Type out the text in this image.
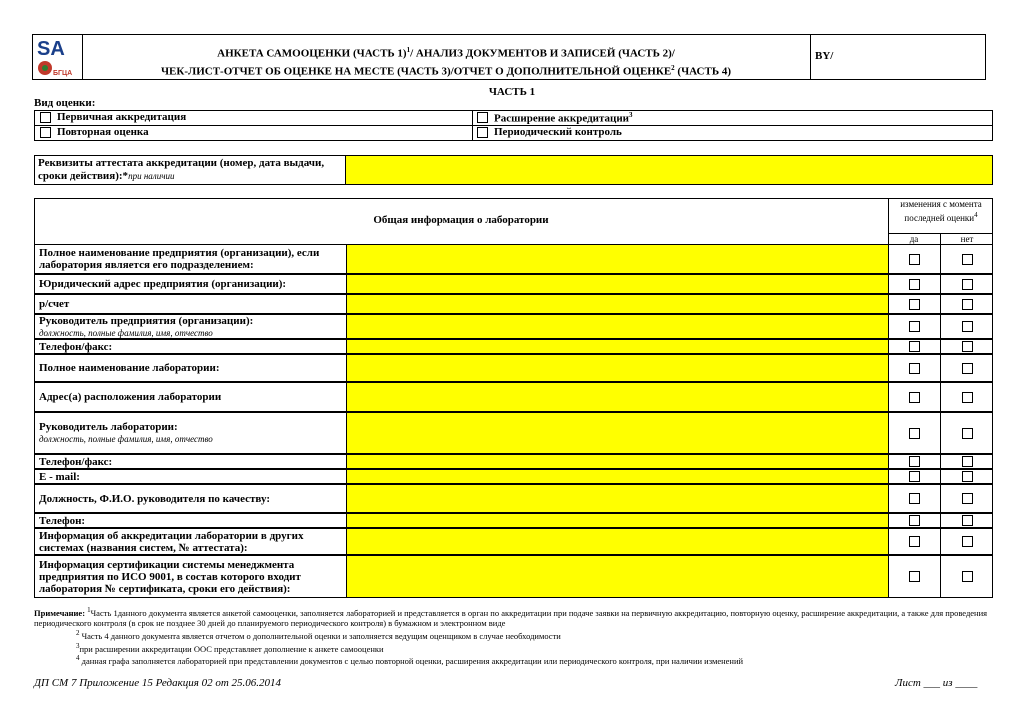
SA
БГЦА
АНКЕТА САМООЦЕНКИ (ЧАСТЬ 1)$^1$/ АНАЛИЗ ДОКУМЕНТОВ И ЗАПИСЕЙ (ЧАСТЬ 2)/
ЧЕК-ЛИСТ-ОТЧЕТ ОБ ОЦЕНКЕ НА МЕСТЕ (ЧАСТЬ 3)/ОТЧЕТ О ДОПОЛНИТЕЛЬНОЙ ОЦЕНКЕ$^2$ (ЧАСТЬ 4)
BY/
ЧАСТЬ 1
Вид оценки:
Первичная аккредитация	Расширение аккредитации$^3$
Повторная оценка	Периодический контроль
Реквизиты аттестата аккредитации (номер, дата выдачи, сроки действия):*при наличии
Общая информация о лаборатории
изменения с момента последней оценки$^4$
да	нет
Полное наименование предприятия (организации), если лаборатория является его подразделением:
Юридический адрес предприятия (организации):
р/счет
Руководитель предприятия (организации):
должность, полные фамилия, имя, отчество
Телефон/факс:
Полное наименование лаборатории:
Адрес(а) расположения лаборатории
Руководитель лаборатории:
должность, полные фамилия, имя, отчество
Телефон/факс:
E - mail:
Должность, Ф.И.О. руководителя по качеству:
Телефон:
Информация об аккредитации лаборатории в других системах (названия систем, № аттестата):
Информация сертификации системы менеджмента предприятия по ИСО 9001, в состав которого входит лаборатория № сертификата, сроки его действия):
Примечание: $^1$Часть 1данного документа является анкетой самооценки, заполняется лабораторией и представляется в орган по аккредитации при подаче заявки на первичную аккредитацию, повторную оценку, расширение аккредитации, а также для проведения периодического контроля (в срок не позднее 30 дней до планируемого периодического контроля) в бумажном и электронном виде
$^2$ Часть 4 данного документа является отчетом о дополнительной оценки и заполняется ведущим оценщиком в случае необходимости
$^3$при расширении аккредитации ООС представляет дополнение к анкете самооценки
$^4$ данная графа заполняется лабораторией при представлении документов с целью повторной оценки, расширения аккредитации или периодического контроля, при наличии изменений
ДП СМ 7 Приложение 15 Редакция 02 от 25.06.2014	Лист ___ из ____
